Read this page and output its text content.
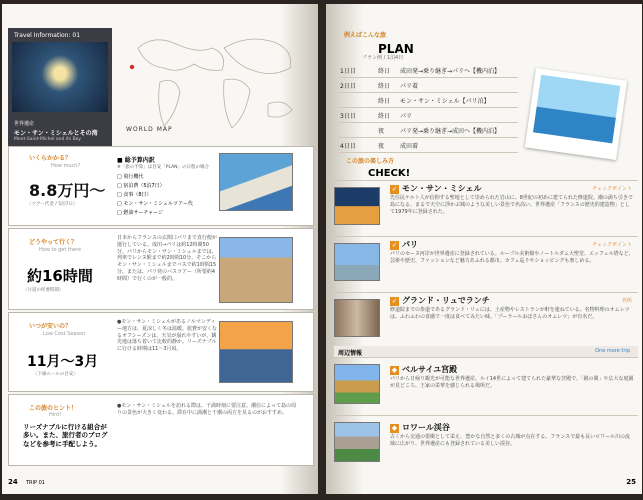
Travel Information: 01
世界遺産
モン・サン・ミシェルとその湾
Mont-Saint-Michel and its Bay
WORLD MAP
いくらかかる？
How much?
8.8万円〜
〈ツアー代金 / 5泊7日〉
■ 総予算内訳
※「旅の予算」は目安「PLAN」の日程の場合
□ 飛行機代
□ 宿泊費（5泊7日）
□ 食事（8日）
□ モン・サン・ミシェルツアー代
□ 燃油サーチャージ
どうやって行く？
How to get there
約16時間
〈片道の所要時間〉
日本からフランスの玄関口パリまで直行便が運行している。成田→パリは約12時間50分。パリからモン・サン・ミシェルまでは、列車でレンヌ駅まで約2時間10分、そこからモン・サン・ミシェルまでバスで約1時間15分。または、パリ発のバスツアー（所要約4時間）で行くのが一般的。
いつが安いの？
Low Cost Season
11月〜3月
〈下線ルールの目安〉
●モン・サン・ミシェルがあるノルマンディー地方は、夏涼しく冬は温暖。旅費が安くなるオフシーズンは、天気が崩れやすいが、観光地は落ち着いて比較的静か。リーズナブルに行ける時期は11〜3月頃。
この旅のヒント！
Hint!
リーズナブルに行ける組合が多い。また、旅行者のブログなどを参考に手配しよう。
●モン・サン・ミシェルを訪れる際は、干満時刻に要注意。潮位によって島の周りの景色が大きく変わる。滞在中に満潮と干潮の両方を見るのがおすすめ。
24 TRIP 01
例えばこんな旅
PLAN
プラン例 / 1泊4日
1日目	終日 成田発→乗り継ぎ→パリへ【機内泊】
2日目	終日 パリ着
終日 モン・サン・ミシェル【パリ泊】
3日目	終日 パリ
夜	パリ発→乗り継ぎ→成田へ【機内泊】
4日目	夜	成田着
この旅の楽しみ方
CHECK!
✓ モン・サン・ミシェル	チェックポイント
先住民ケルト人が信仰する聖地として崇められた岩山に、8世紀の初めに建てられた修道院。潮の満ち引きで島になる、まるで天空に浮かぶ城のような美しい景色で名高い。世界遺産「フランスの歴史的建造物」として1979年に登録された。
✓ パリ	チェックポイント
パリのセーヌ河岸が世界遺産に登録されている。ルーブル美術館やノートルダム大聖堂、エッフェル塔など、芸術や歴史、ファッションなど魅力あふれる都市。カフェ巡りやショッピングも楽しめる。
✓ グランド・リュでランチ	名所
修道院までの参道であるグランド・リュには、土産物やレストランが軒を連ねている。名物料理のオムレツは、ふわふわの食感で一度は食べてみたい味。「プーラールおばさんのオムレツ」が有名だ。
周辺情報	One more trip
◆ ベルサイユ宮殿
パリから日帰り観光が可能な世界遺産。ルイ14世によって建てられた豪華な宮殿で、「鏡の間」や広大な庭園が見どころ。王家の栄華を感じられる場所だ。
◆ ロワール渓谷
古くから交通の要衝として栄え、豊かな自然と多くの古城が点在する。フランスで最も長いロワール川の流域に広がり、世界遺産にも登録されている美しい渓谷。
25
